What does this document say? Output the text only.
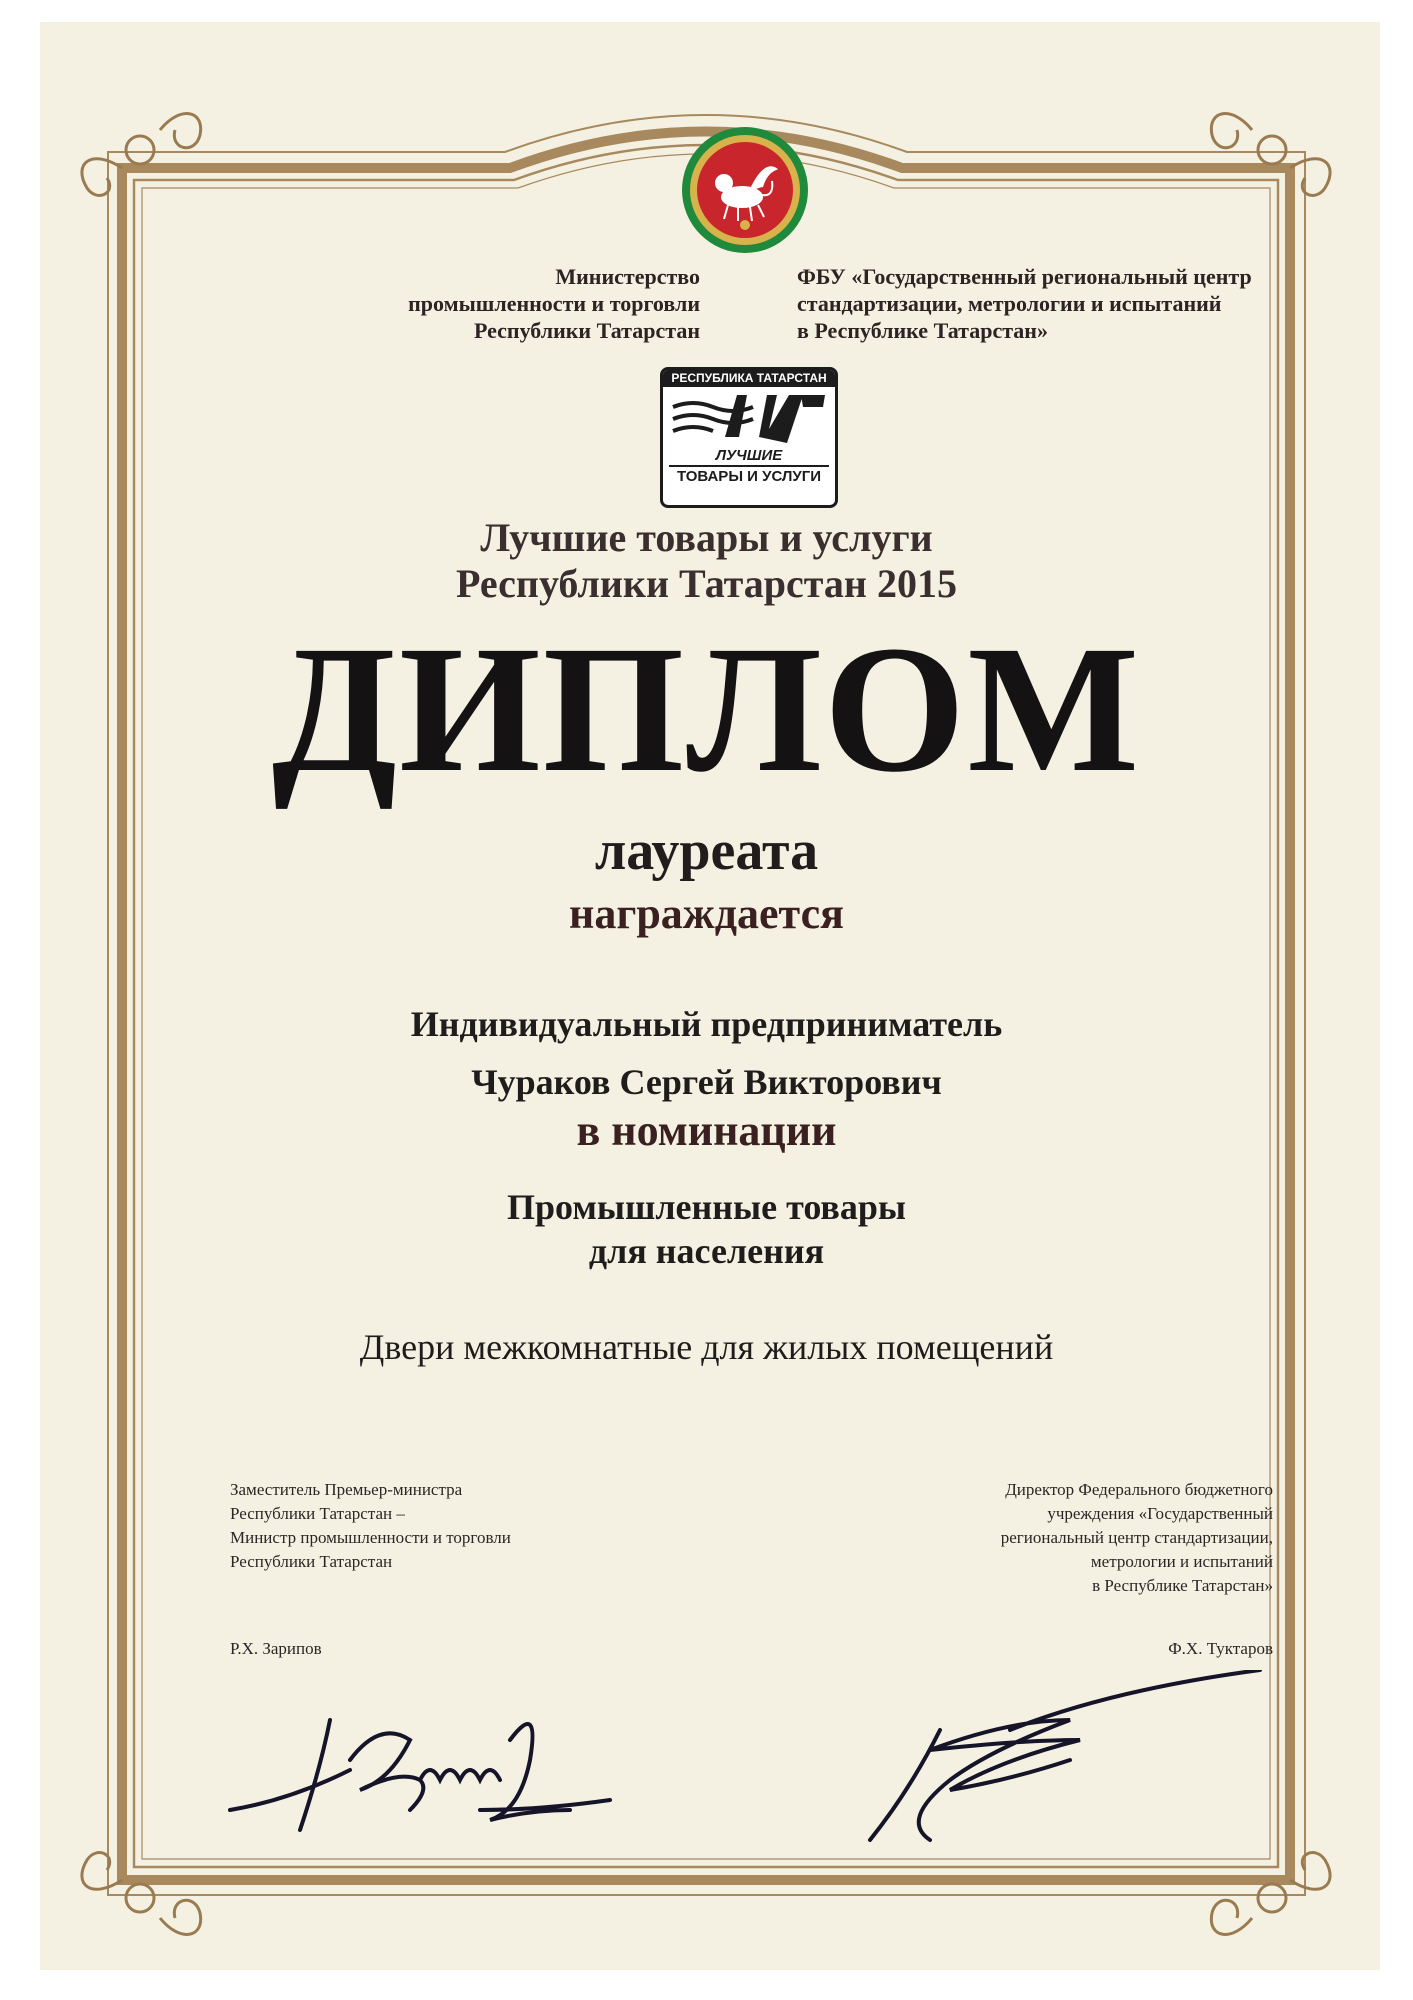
Министерство
промышленности и торговли
Республики Татарстан
ФБУ «Государственный региональный центр
стандартизации, метрологии и испытаний
в Республике Татарстан»
РЕСПУБЛИКА ТАТАРСТАН
ЛУЧШИЕ
ТОВАРЫ И УСЛУГИ
Лучшие товары и услуги
Республики Татарстан 2015
ДИПЛОМ
лауреата
награждается
Индивидуальный предприниматель
Чураков Сергей Викторович
в номинации
Промышленные товары
для населения
Двери межкомнатные для жилых помещений
Заместитель Премьер-министра
Республики Татарстан –
Министр промышленности и торговли
Республики Татарстан
Р.Х. Зарипов
Директор Федерального бюджетного
учреждения «Государственный
региональный центр стандартизации,
метрологии и испытаний
в Республике Татарстан»
Ф.Х. Туктаров
